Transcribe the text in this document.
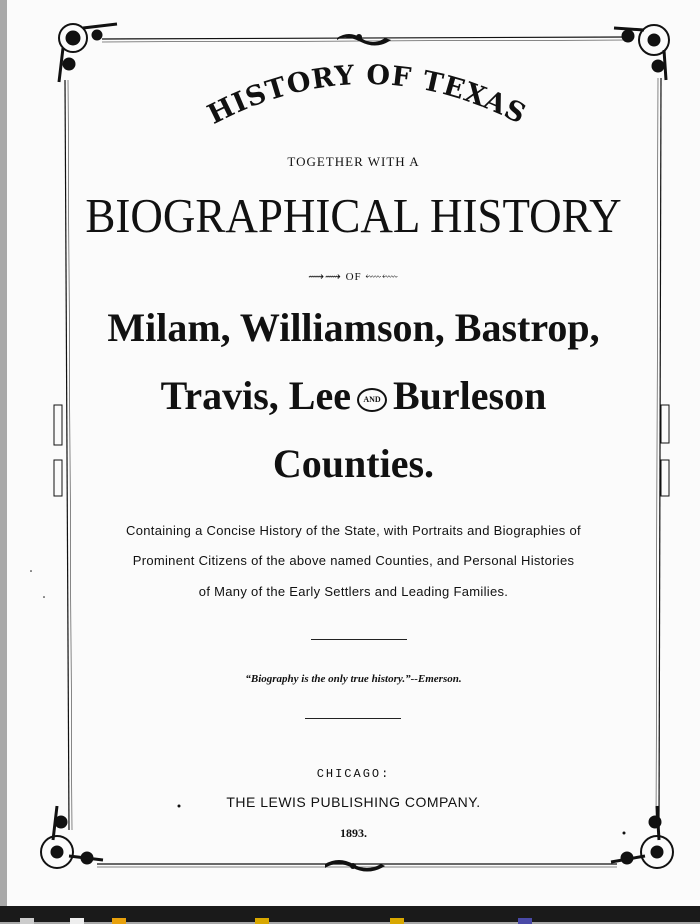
HISTORY OF TEXAS
TOGETHER WITH A
BIOGRAPHICAL HISTORY
⟿⟿ OF ⬳⬳
Milam, Williamson, Bastrop,
Travis, Lee AND Burleson
Counties.
Containing a Concise History of the State, with Portraits and Biographies of
Prominent Citizens of the above named Counties, and Personal Histories
of Many of the Early Settlers and Leading Families.
“Biography is the only true history.”--Emerson.
CHICAGO:
THE LEWIS PUBLISHING COMPANY.
1893.
